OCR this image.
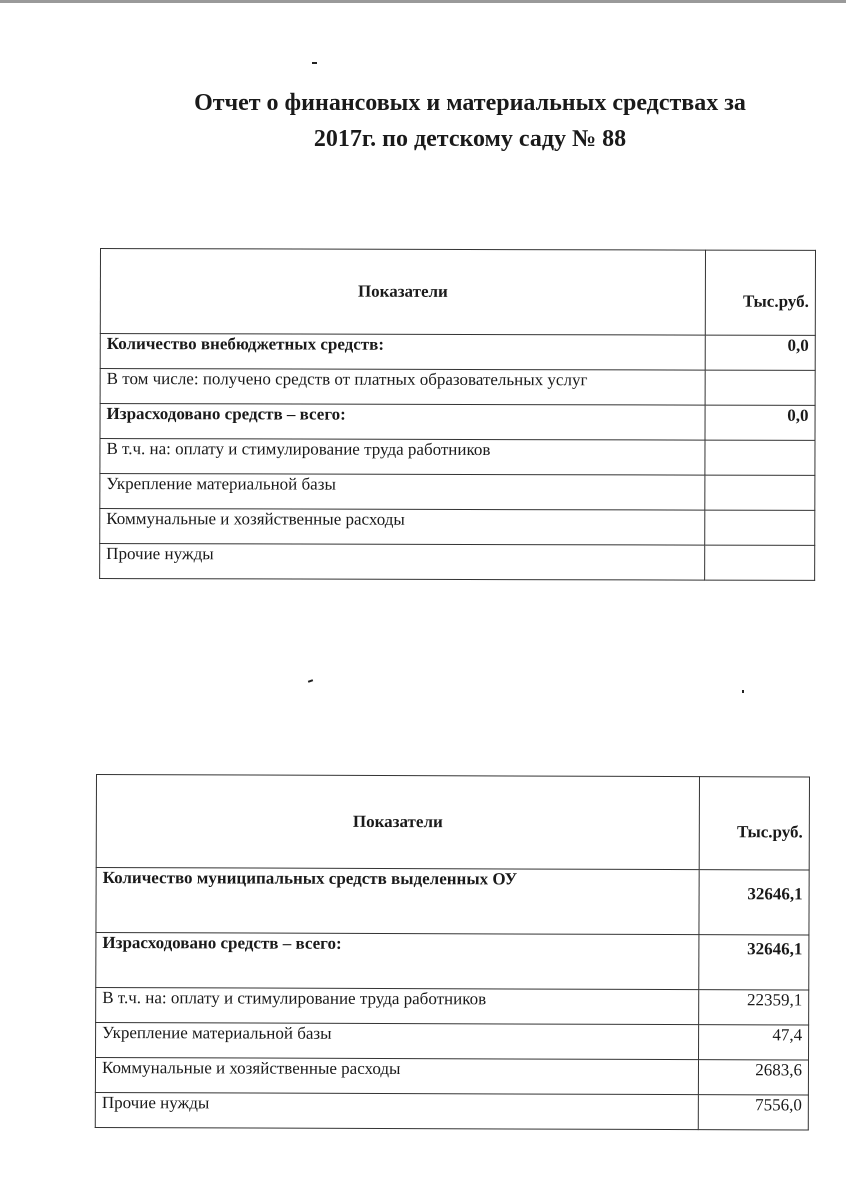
Отчет о финансовых и материальных средствах за
2017г. по детскому саду № 88
Показатели	Тыс.руб.
Количество внебюджетных средств:	0,0
В том числе: получено средств от платных образовательных услуг	
Израсходовано средств – всего:	0,0
В т.ч. на: оплату и стимулирование труда работников	
Укрепление материальной базы	
Коммунальные и хозяйственные расходы	
Прочие нужды	
Показатели	Тыс.руб.
Количество муниципальных средств выделенных ОУ	32646,1
Израсходовано средств – всего:	32646,1
В т.ч. на: оплату и стимулирование труда работников	22359,1
Укрепление материальной базы	47,4
Коммунальные и хозяйственные расходы	2683,6
Прочие нужды	7556,0
